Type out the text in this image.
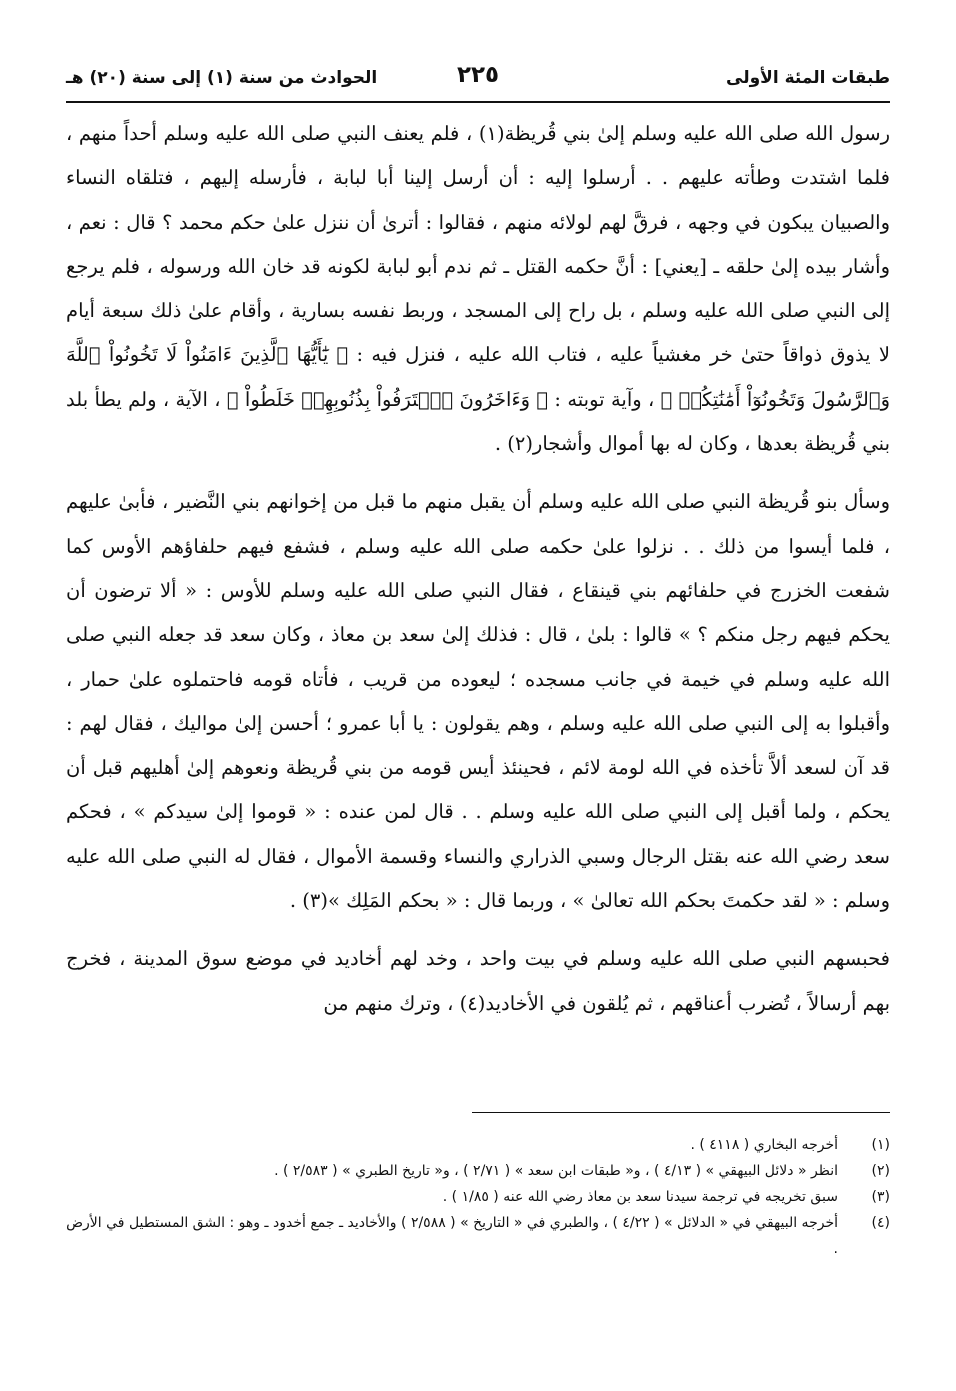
طبقات المئة الأولى
٢٢٥
الحوادث من سنة (١) إلى سنة (٢٠) هـ

رسول الله صلى الله عليه وسلم إلىٰ بني قُريظة(١) ، فلم يعنف النبي صلى الله عليه وسلم أحداً منهم ، فلما اشتدت وطأته عليهم . . أرسلوا إليه : أن أرسل إلينا أبا لبابة ، فأرسله إليهم ، فتلقاه النساء والصبيان يبكون في وجهه ، فرقَّ لهم لولائه منهم ، فقالوا : أترىٰ أن ننزل علىٰ حكم محمد ؟ قال : نعم ، وأشار بيده إلىٰ حلقه ـ [يعني] : أنَّ حكمه القتل ـ ثم ندم أبو لبابة لكونه قد خان الله ورسوله ، فلم يرجع إلى النبي صلى الله عليه وسلم ، بل راح إلى المسجد ، وربط نفسه بسارية ، وأقام علىٰ ذلك سبعة أيام لا يذوق ذواقاً حتىٰ خر مغشياً عليه ، فتاب الله عليه ، فنزل فيه : ﴿ يَٰٓأَيُّهَا ٱلَّذِينَ ءَامَنُواْ لَا تَخُونُواْ ٱللَّهَ وَٱلرَّسُولَ وَتَخُونُوٓاْ أَمَٰنَٰتِكُمۡ ﴾ ، وآية توبته : ﴿ وَءَاخَرُونَ ٱعۡتَرَفُواْ بِذُنُوبِهِمۡ خَلَطُواْ ﴾ ، الآية ، ولم يطأ بلد بني قُريظة بعدها ، وكان له بها أموال وأشجار(٢) .

وسأل بنو قُريظة النبي صلى الله عليه وسلم أن يقبل منهم ما قبل من إخوانهم بني النَّضير ، فأبىٰ عليهم ، فلما أيسوا من ذلك . . نزلوا علىٰ حكمه صلى الله عليه وسلم ، فشفع فيهم حلفاؤهم الأوس كما شفعت الخزرج في حلفائهم بني قينقاع ، فقال النبي صلى الله عليه وسلم للأوس : « ألا ترضون أن يحكم فيهم رجل منكم ؟ » قالوا : بلىٰ ، قال : فذلك إلىٰ سعد بن معاذ ، وكان سعد قد جعله النبي صلى الله عليه وسلم في خيمة في جانب مسجده ؛ ليعوده من قريب ، فأتاه قومه فاحتملوه علىٰ حمار ، وأقبلوا به إلى النبي صلى الله عليه وسلم ، وهم يقولون : يا أبا عمرو ؛ أحسن إلىٰ مواليك ، فقال لهم : قد آن لسعد ألاَّ تأخذه في الله لومة لائم ، فحينئذ أيس قومه من بني قُريظة ونعوهم إلىٰ أهليهم قبل أن يحكم ، ولما أقبل إلى النبي صلى الله عليه وسلم . . قال لمن عنده : « قوموا إلىٰ سيدكم » ، فحكم سعد رضي الله عنه بقتل الرجال وسبي الذراري والنساء وقسمة الأموال ، فقال له النبي صلى الله عليه وسلم : « لقد حكمتَ بحكم الله تعالىٰ » ، وربما قال : « بحكم المَلِك »(٣) .

فحبسهم النبي صلى الله عليه وسلم في بيت واحد ، وخد لهم أخاديد في موضع سوق المدينة ، فخرج بهم أرسالاً ، تُضرب أعناقهم ، ثم يُلقون في الأخاديد(٤) ، وترك منهم من

(١)
أخرجه البخاري ( ٤١١٨ ) .
(٢)
انظر « دلائل البيهقي » ( ٤/١٣ ) ، و« طبقات ابن سعد » ( ٢/٧١ ) ، و« تاريخ الطبري » ( ٢/٥٨٣ ) .
(٣)
سبق تخريجه في ترجمة سيدنا سعد بن معاذ رضي الله عنه ( ١/٨٥ ) .
(٤)
أخرجه البيهقي في « الدلائل » ( ٤/٢٢ ) ، والطبري في « التاريخ » ( ٢/٥٨٨ ) والأخاديد ـ جمع أخدود ـ وهو : الشق المستطيل في الأرض .
